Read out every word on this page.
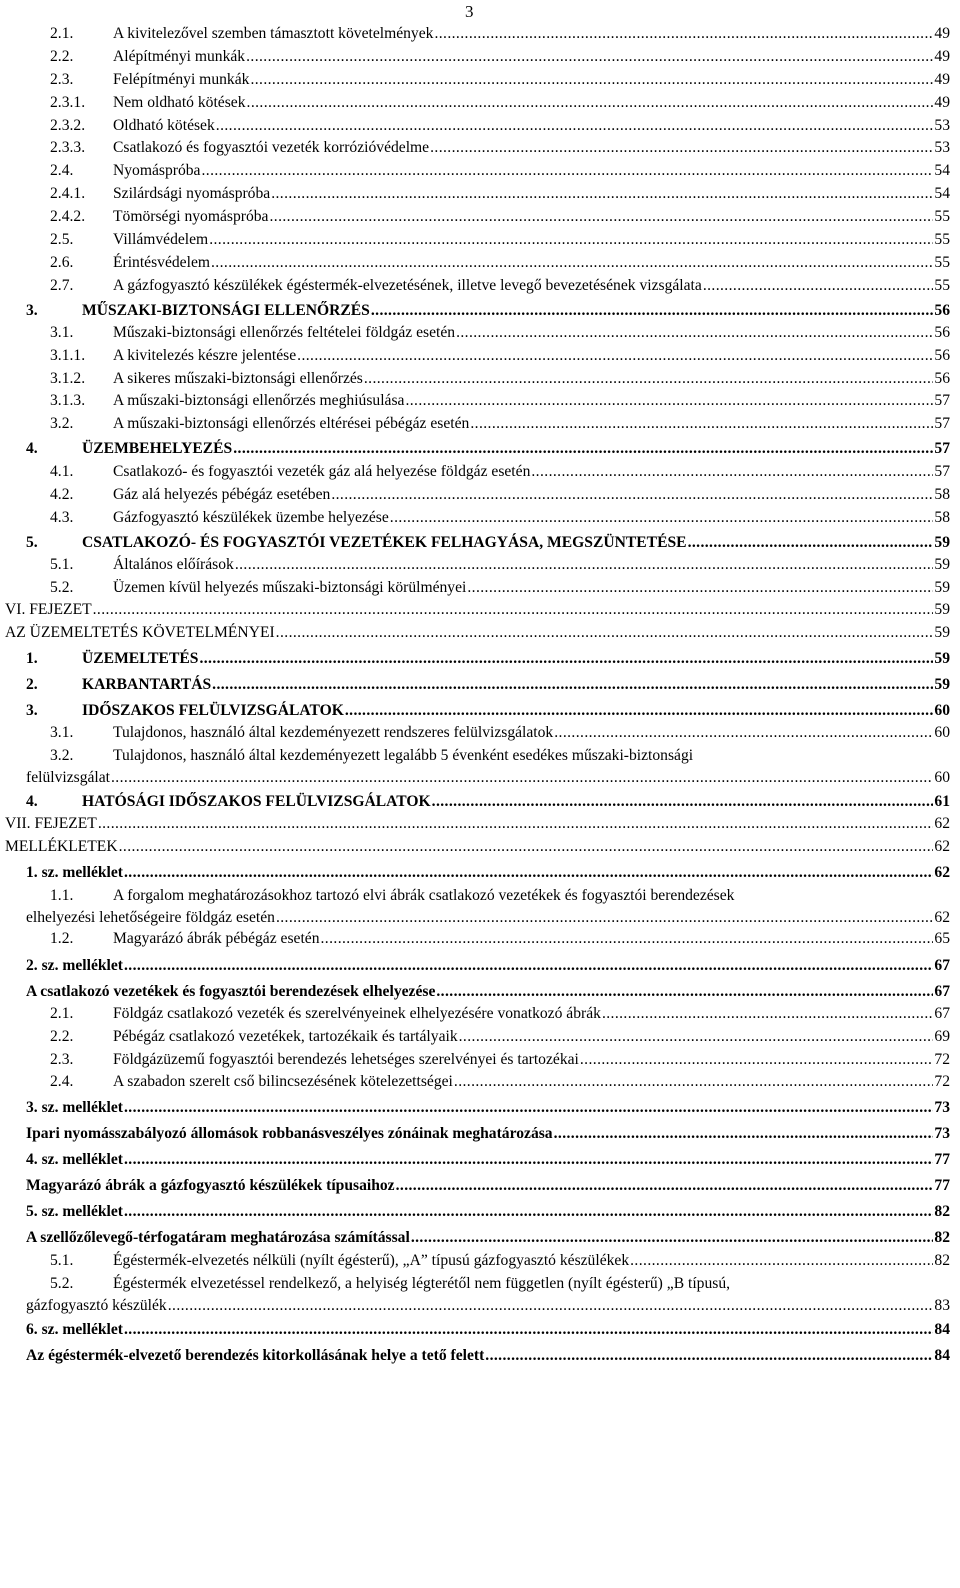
3
2.1.	A kivitelezővel szemben támasztott követelmények .....	49
2.2.	Alépítményi munkák .....	49
2.3.	Felépítményi munkák .....	49
2.3.1. Nem oldható kötések .....	49
2.3.2. Oldható kötések .....	53
2.3.3. Csatlakozó és fogyasztói vezeték korrózióvédelme .....	53
2.4.	Nyomáspróba .....	54
2.4.1. Szilárdsági nyomáspróba .....	54
2.4.2. Tömörségi nyomáspróba .....	55
2.5.	Villámvédelem .....	55
2.6.	Érintésvédelem .....	55
2.7.	A gázfogyasztó készülékek égéstermék-elvezetésének, illetve levegő bevezetésének vizsgálata .....	55
3.	MŰSZAKI-BIZTONSÁGI ELLENŐRZÉS .....	56
3.1.	Műszaki-biztonsági ellenőrzés feltételei földgáz esetén .....	56
3.1.1. A kivitelezés készre jelentése .....	56
3.1.2. A sikeres műszaki-biztonsági ellenőrzés .....	56
3.1.3. A műszaki-biztonsági ellenőrzés meghiúsulása .....	57
3.2.	A műszaki-biztonsági ellenőrzés eltérései pébégáz esetén .....	57
4.	ÜZEMBEHELYEZÉS .....	57
4.1.	Csatlakozó- és fogyasztói vezeték gáz alá helyezése földgáz esetén .....	57
4.2.	Gáz alá helyezés pébégáz esetében .....	58
4.3.	Gázfogyasztó készülékek üzembe helyezése .....	58
5.	CSATLAKOZÓ- ÉS FOGYASZTÓI VEZETÉKEK FELHAGYÁSA, MEGSZÜNTETÉSE .....	59
5.1.	Általános előírások .....	59
5.2.	Üzemen kívül helyezés műszaki-biztonsági körülményei .....	59
VI. FEJEZET .....	59
AZ ÜZEMELTETÉS KÖVETELMÉNYEI .....	59
1.	ÜZEMELTETÉS .....	59
2.	KARBANTARTÁS .....	59
3.	IDŐSZAKOS FELÜLVIZSGÁLATOK .....	60
3.1.	Tulajdonos, használó által kezdeményezett rendszeres felülvizsgálatok .....	60
3.2.	Tulajdonos, használó által kezdeményezett legalább 5 évenként esedékes műszaki-biztonsági
felülvizsgálat .....	60
4.	HATÓSÁGI IDŐSZAKOS FELÜLVIZSGÁLATOK .....	61
VII. FEJEZET .....	62
MELLÉKLETEK .....	62
1. sz. melléklet .....	62
1.1.	A forgalom meghatározásokhoz tartozó elvi ábrák csatlakozó vezetékek és fogyasztói berendezések
elhelyezési lehetőségeire földgáz esetén .....	62
1.2.	Magyarázó ábrák pébégáz esetén .....	65
2. sz. melléklet .....	67
A csatlakozó vezetékek és fogyasztói berendezések elhelyezése .....	67
2.1.	Földgáz csatlakozó vezeték és szerelvényeinek elhelyezésére vonatkozó ábrák .....	67
2.2.	Pébégáz csatlakozó vezetékek, tartozékaik és tartályaik .....	69
2.3.	Földgázüzemű fogyasztói berendezés lehetséges szerelvényei és tartozékai .....	72
2.4.	A szabadon szerelt cső bilincsezésének kötelezettségei .....	72
3. sz. melléklet .....	73
Ipari nyomásszabályozó állomások robbanásveszélyes zónáinak meghatározása .....	73
4. sz. melléklet .....	77
Magyarázó ábrák a gázfogyasztó készülékek típusaihoz .....	77
5. sz. melléklet .....	82
A szellőzőlevegő-térfogatáram meghatározása számítással .....	82
5.1.	Égéstermék-elvezetés nélküli (nyílt égésterű), „A” típusú gázfogyasztó készülékek .....	82
5.2.	Égéstermék elvezetéssel rendelkező, a helyiség légterétől nem független (nyílt égésterű) „B típusú,
gázfogyasztó készülék .....	83
6. sz. melléklet .....	84
Az égéstermék-elvezető berendezés kitorkollásának helye a tető felett .....	84
